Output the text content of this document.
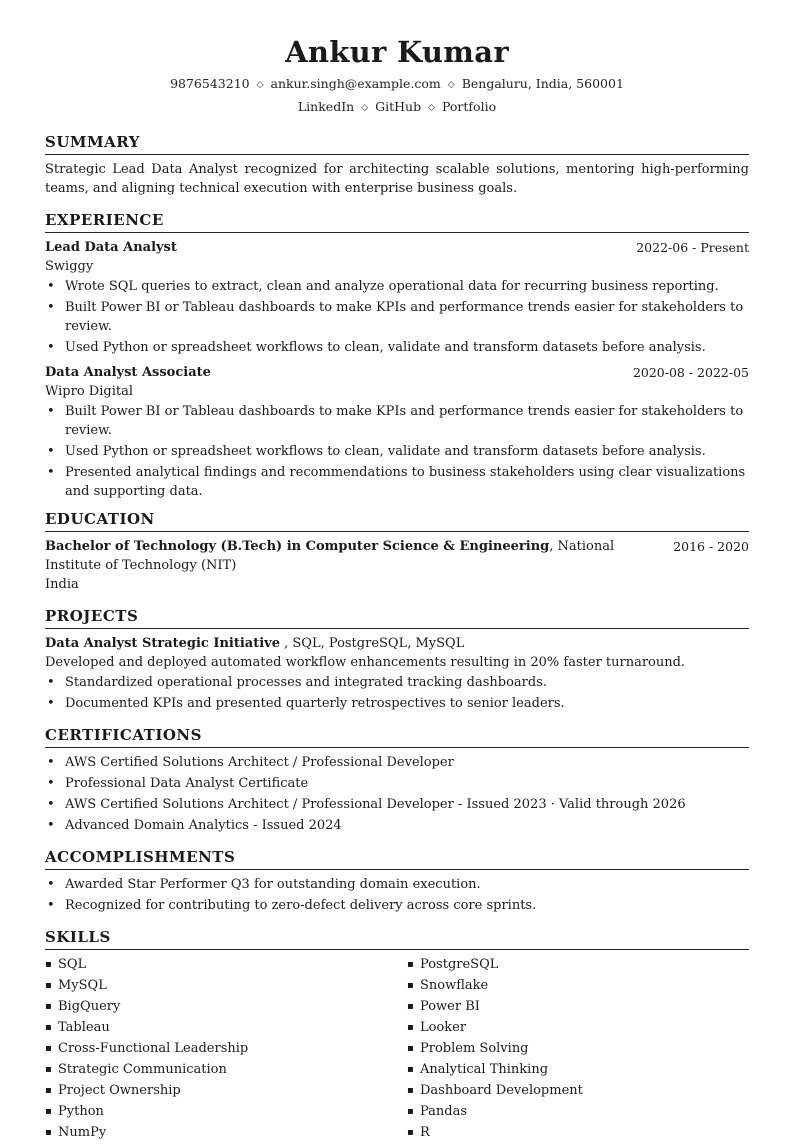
Ankur Kumar
9876543210 ◇ ankur.singh@example.com ◇ Bengaluru, India, 560001
LinkedIn ◇ GitHub ◇ Portfolio
SUMMARY

Strategic Lead Data Analyst recognized for architecting scalable solutions, mentoring high-performing teams, and aligning technical execution with enterprise business goals.

EXPERIENCE
Lead Data Analyst	2022-06 - Present
Swiggy
• Wrote SQL queries to extract, clean and analyze operational data for recurring business reporting.
• Built Power BI or Tableau dashboards to make KPIs and performance trends easier for stakeholders to review.
• Used Python or spreadsheet workflows to clean, validate and transform datasets before analysis.
Data Analyst Associate	2020-08 - 2022-05
Wipro Digital
• Built Power BI or Tableau dashboards to make KPIs and performance trends easier for stakeholders to review.
• Used Python or spreadsheet workflows to clean, validate and transform datasets before analysis.
• Presented analytical findings and recommendations to business stakeholders using clear visualizations and supporting data.
EDUCATION
Bachelor of Technology (B.Tech) in Computer Science & Engineering, National Institute of Technology (NIT)
2016 - 2020
India
PROJECTS
Data Analyst Strategic Initiative , SQL, PostgreSQL, MySQL
Developed and deployed automated workflow enhancements resulting in 20% faster turnaround.
• Standardized operational processes and integrated tracking dashboards.
• Documented KPIs and presented quarterly retrospectives to senior leaders.
CERTIFICATIONS
• AWS Certified Solutions Architect / Professional Developer
• Professional Data Analyst Certificate
• AWS Certified Solutions Architect / Professional Developer - Issued 2023 · Valid through 2026
• Advanced Domain Analytics - Issued 2024
ACCOMPLISHMENTS
• Awarded Star Performer Q3 for outstanding domain execution.
• Recognized for contributing to zero-defect delivery across core sprints.
SKILLS
▪ SQL	▪ PostgreSQL
▪ MySQL	▪ Snowflake
▪ BigQuery	▪ Power BI
▪ Tableau	▪ Looker
▪ Cross-Functional Leadership	▪ Problem Solving
▪ Strategic Communication	▪ Analytical Thinking
▪ Project Ownership	▪ Dashboard Development
▪ Python	▪ Pandas
▪ NumPy	▪ R
